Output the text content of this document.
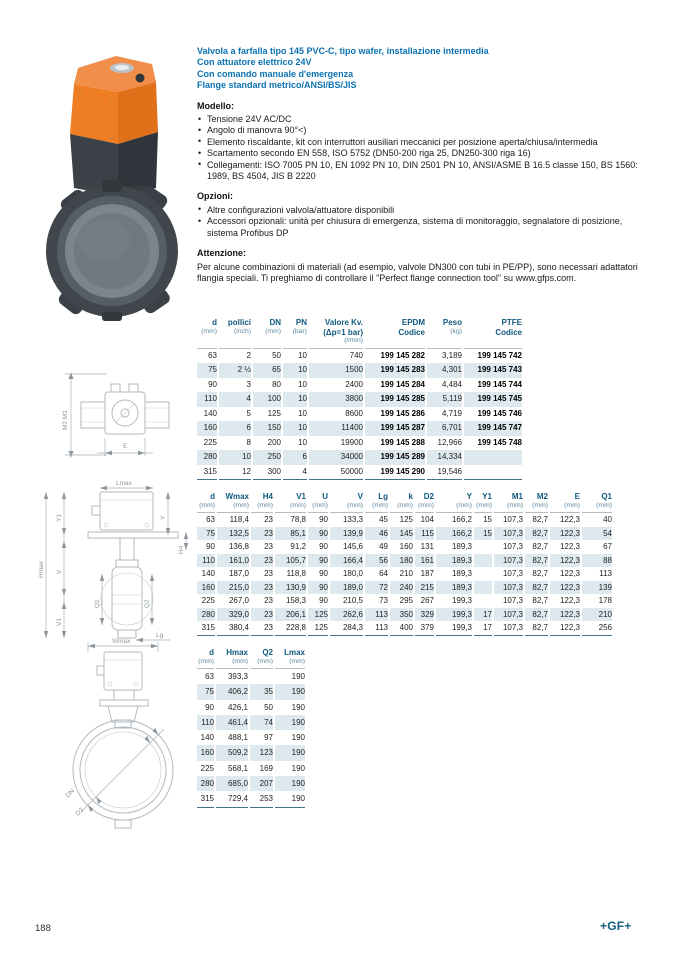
Valvola a farfalla tipo 145 PVC-C, tipo wafer, installazione intermedia
Con attuatore elettrico 24V
Con comando manuale d'emergenza
Flange standard metrico/ANSI/BS/JIS
Modello:
• Tensione 24V AC/DC
• Angolo di manovra 90°<)
• Elemento riscaldante, kit con interruttori ausiliari meccanici per posizione aperta/chiusa/intermedia
• Scartamento secondo EN 558, ISO 5752 (DN50-200 riga 25, DN250-300 riga 16)
• Collegamenti: ISO 7005 PN 10, EN 1092 PN 10, DIN 2501 PN 10, ANSI/ASME B 16.5 classe 150, BS 1560: 1989, BS 4504, JIS B 2220
Opzioni:
• Altre configurazioni valvola/attuatore disponibili
• Accessori opzionali: unità per chiusura di emergenza, sistema di monitoraggio, segnalatore di posizione, sistema Profibus DP
Attenzione:
Per alcune combinazioni di materiali (ad esempio, valvole DN300 con tubi in PE/PP), sono necessari adattatori flangia speciali. Ti preghiamo di controllare il "Perfect flange connection tool" su www.gfps.com.
M2 M1
E
d
(mm)

pollici
(inch)

DN
(mm)

PN
(bar)

Valore Kv.
(Δp=1 bar)
(l/min)

EPDM
Codice

Peso
(kg)

PTFE
Codice

63	2	50	10	740	199 145 282	3,189	199 145 742
75	2 ½	65	10	1500	199 145 283	4,301	199 145 743
90	3	80	10	2400	199 145 284	4,484	199 145 744
110	4	100	10	3800	199 145 285	5,119	199 145 745
140	5	125	10	8600	199 145 286	4,719	199 145 746
160	6	150	10	11400	199 145 287	6,701	199 145 747
225	8	200	10	19900	199 145 288	12,966	199 145 748
280	10	250	6	34000	199 145 289	14,334	
315	12	300	4	50000	199 145 290	19,546	
Lmax
Hmax
Y1
V
V1
Y
H4
Q1	Q2
Lg
d
(mm)

Wmax
(mm)

H4
(mm)

V1
(mm)

U
(mm)

V
(mm)

Lg
(mm)

k
(mm)

D2
(mm)

Y
(mm)

Y1
(mm)

M1
(mm)

M2
(mm)

E
(mm)

Q1
(mm)

63	118,4	23	78,8	90	133,3	45	125	104	166,2	15	107,3	82,7	122,3	40
75	132,5	23	85,1	90	139,9	46	145	115	166,2	15	107,3	82,7	122,3	54
90	136,8	23	91,2	90	145,6	49	160	131	189,3		107,3	82,7	122,3	67
110	161,0	23	105,7	90	166,4	56	180	161	189,3		107,3	82,7	122,3	88
140	187,0	23	118,8	90	180,0	64	210	187	189,3		107,3	82,7	122,3	113
160	215,0	23	130,9	90	189,0	72	240	215	189,3		107,3	82,7	122,3	139
225	267,0	23	158,3	90	210,5	73	295	267	199,3		107,3	82,7	122,3	178
280	329,0	23	206,1	125	262,6	113	350	329	199,3	17	107,3	82,7	122,3	210
315	380,4	23	228,8	125	284,3	113	400	379	199,3	17	107,3	82,7	122,3	256
Wmax
DN
D2
d
(mm)

Hmax
(mm)

Q2
(mm)

Lmax
(mm)

63	393,3		190
75	406,2	35	190
90	426,1	50	190
110	461,4	74	190
140	488,1	97	190
160	509,2	123	190
225	568,1	169	190
280	685,0	207	190
315	729,4	253	190
188	+GF+
